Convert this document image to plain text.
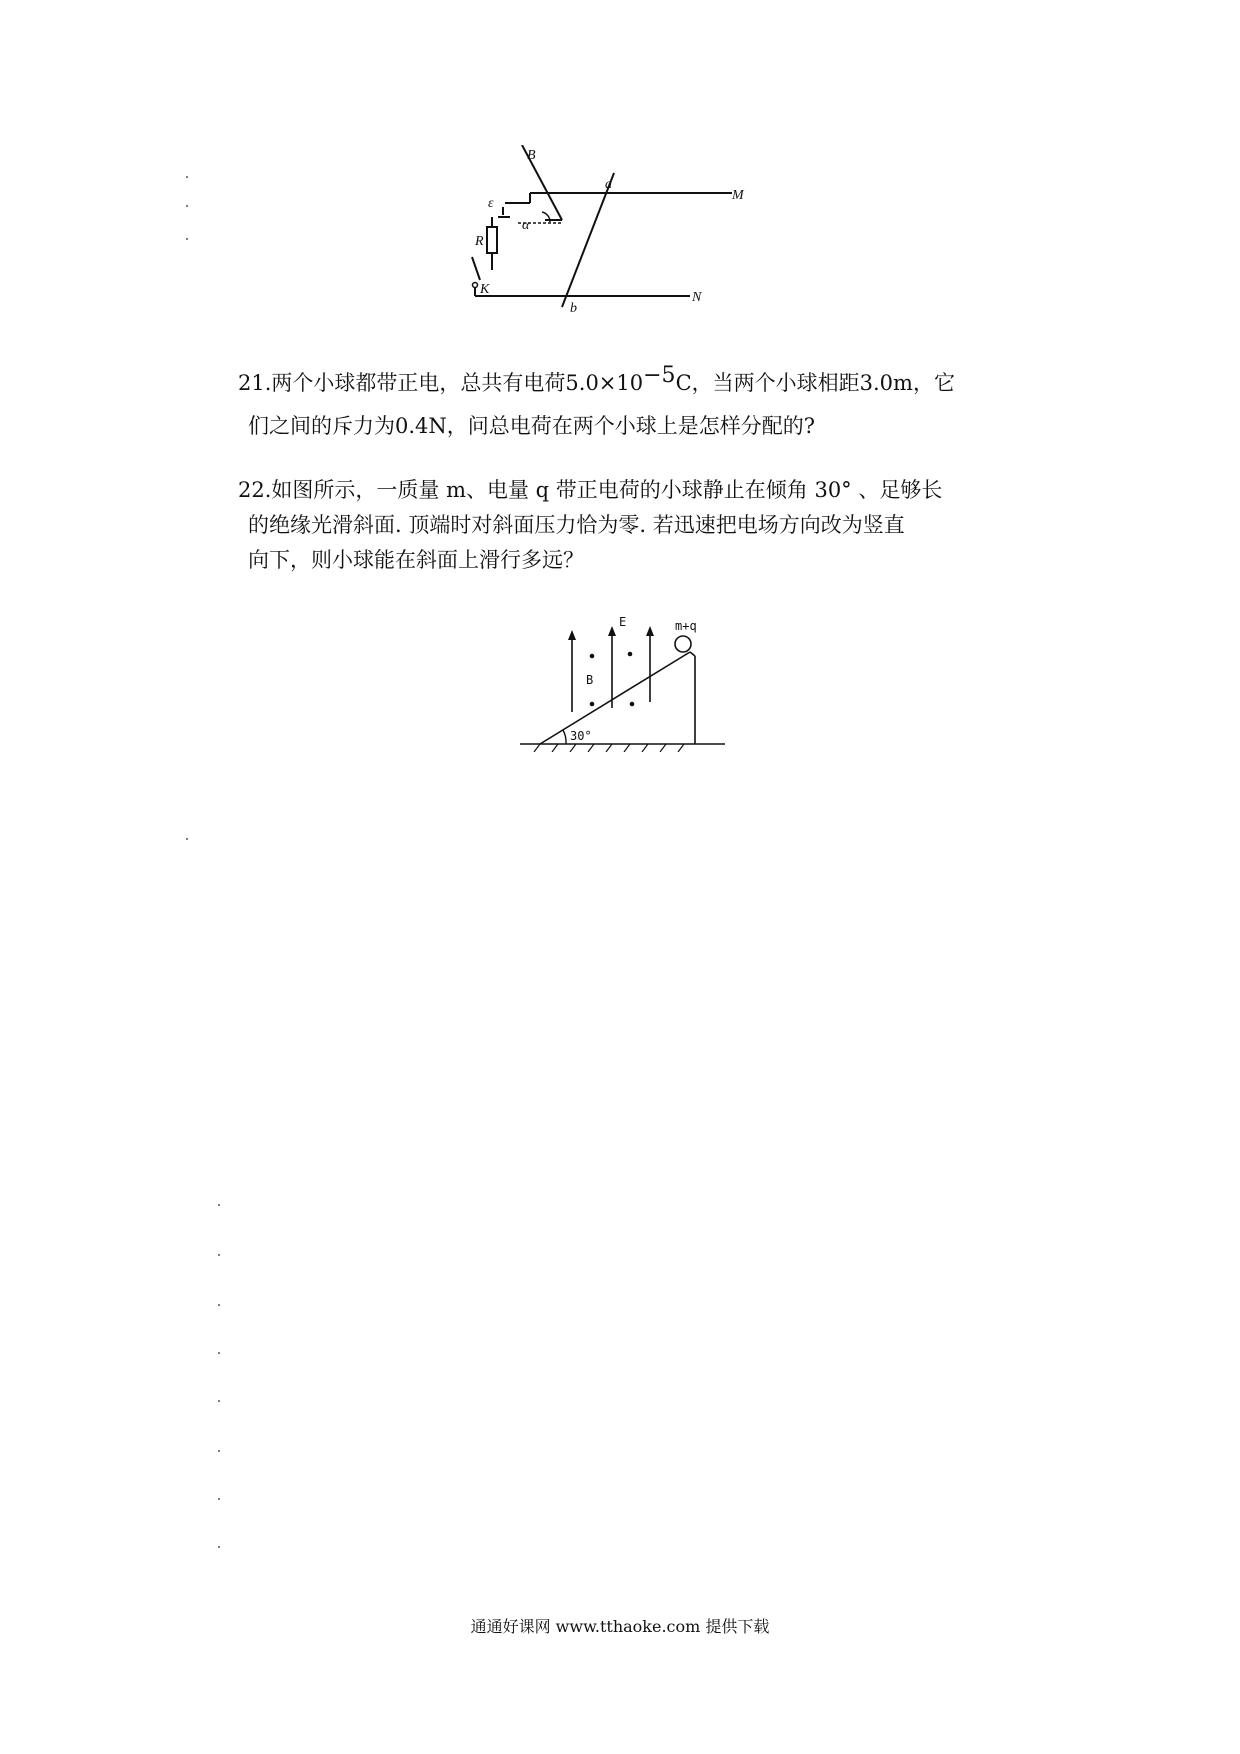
B
a
M
ε
R
α
K
b
N
21.两个小球都带正电，总共有电荷$5.0\times 10^{-5}C$，当两个小球相距3.0m，它
们之间的斥力为0.4N，问总电荷在两个小球上是怎样分配的?
22.如图所示，一质量 m、电量 q 带正电荷的小球静止在倾角 30° 、足够长
的绝缘光滑斜面. 顶端时对斜面压力恰为零. 若迅速把电场方向改为竖直
向下，则小球能在斜面上滑行多远？
E
B
m+q
30°
通通好课网 www.tthaoke.com 提供下载
